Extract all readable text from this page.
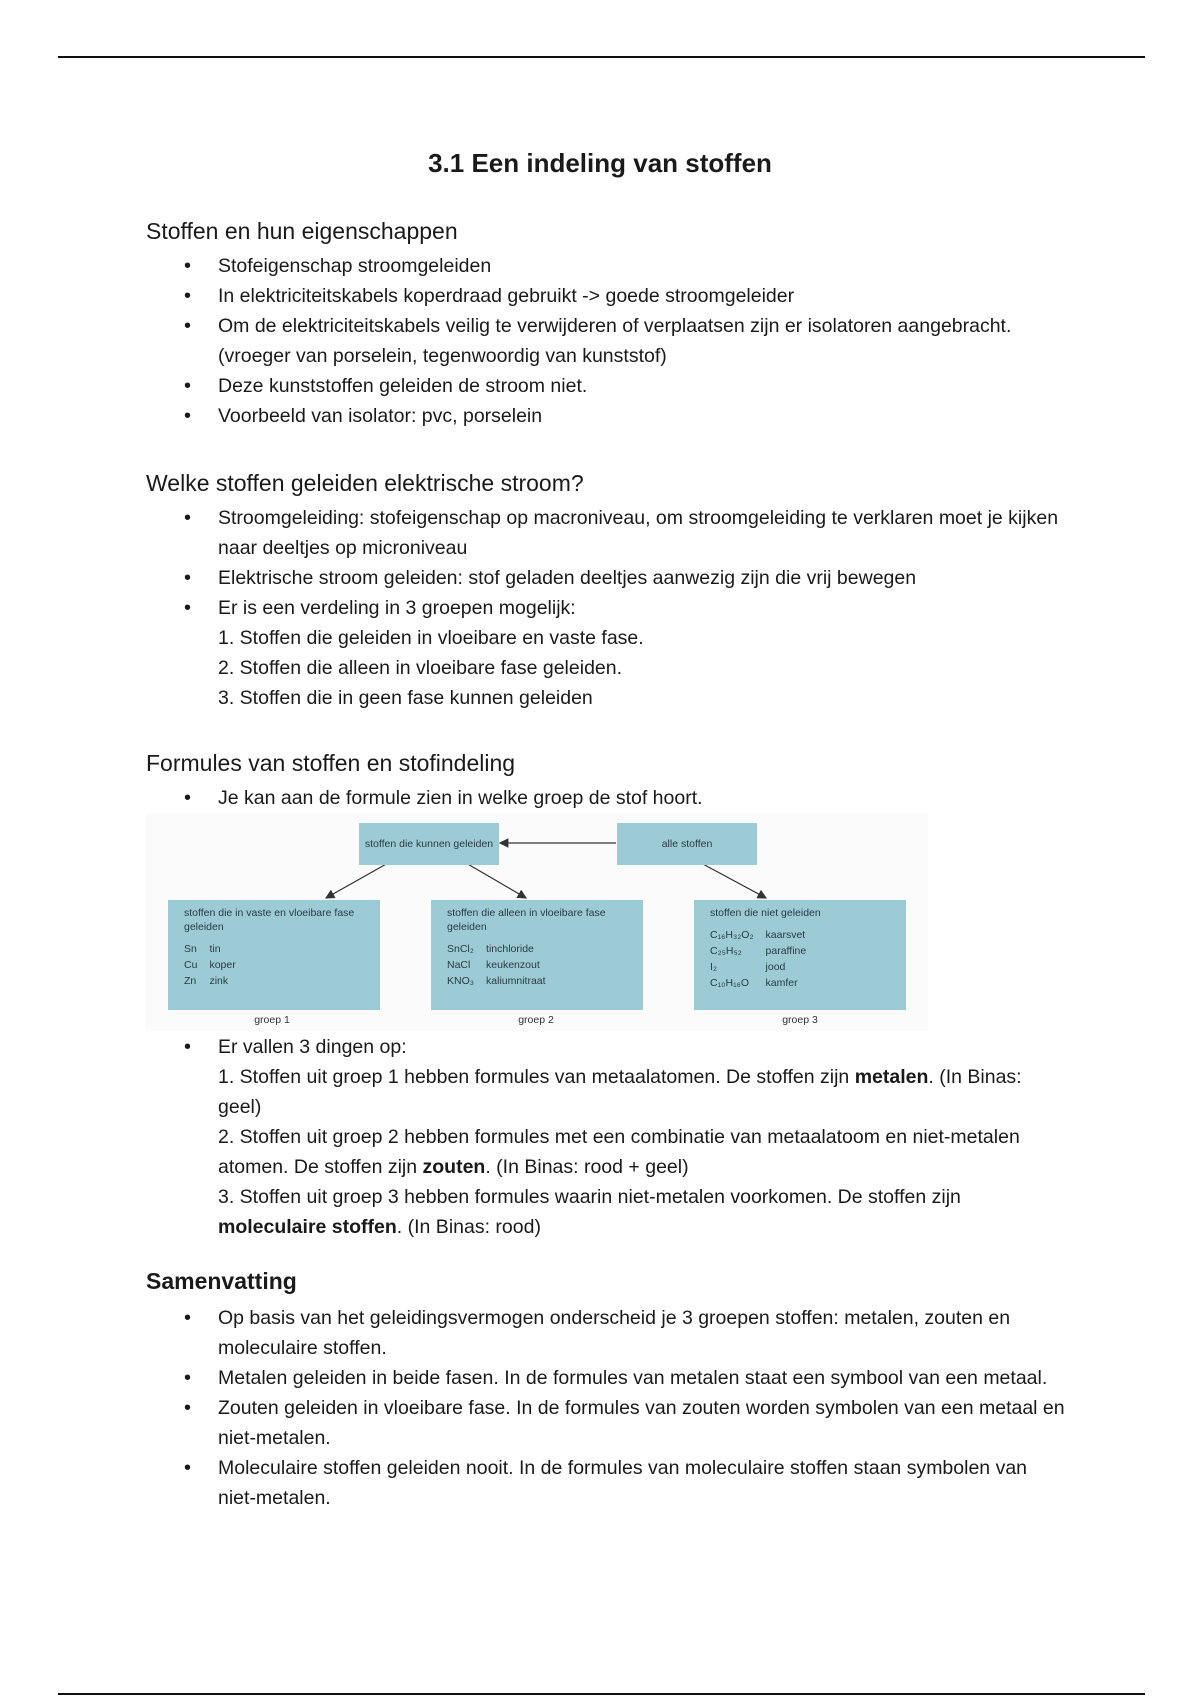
3.1 Een indeling van stoffen
Stoffen en hun eigenschappen
• Stofeigenschap stroomgeleiden
• In elektriciteitskabels koperdraad gebruikt -> goede stroomgeleider
• Om de elektriciteitskabels veilig te verwijderen of verplaatsen zijn er isolatoren aangebracht. (vroeger van porselein, tegenwoordig van kunststof)
• Deze kunststoffen geleiden de stroom niet.
• Voorbeeld van isolator: pvc, porselein
Welke stoffen geleiden elektrische stroom?
• Stroomgeleiding: stofeigenschap op macroniveau, om stroomgeleiding te verklaren moet je kijken naar deeltjes op microniveau
• Elektrische stroom geleiden: stof geladen deeltjes aanwezig zijn die vrij bewegen
• Er is een verdeling in 3 groepen mogelijk:
1. Stoffen die geleiden in vloeibare en vaste fase.
2. Stoffen die alleen in vloeibare fase geleiden.
3. Stoffen die in geen fase kunnen geleiden
Formules van stoffen en stofindeling
• Je kan aan de formule zien in welke groep de stof hoort.
stoffen die kunnen geleiden	alle stoffen
stoffen die in vaste en vloeibare fase geleiden
Sn	tin
Cu	koper
Zn	zink
stoffen die alleen in vloeibare fase geleiden
SnCl₂	tinchloride
NaCl	keukenzout
KNO₃	kaliumnitraat
stoffen die niet geleiden
C₁₆H₃₂O₂	kaarsvet
C₂₅H₅₂	paraffine
I₂	jood
C₁₀H₁₆O	kamfer
groep 1	groep 2	groep 3
• Er vallen 3 dingen op:
1. Stoffen uit groep 1 hebben formules van metaalatomen. De stoffen zijn metalen. (In Binas: geel)
2. Stoffen uit groep 2 hebben formules met een combinatie van metaalatoom en niet-metalen atomen. De stoffen zijn zouten. (In Binas: rood + geel)
3. Stoffen uit groep 3 hebben formules waarin niet-metalen voorkomen. De stoffen zijn moleculaire stoffen. (In Binas: rood)
Samenvatting
• Op basis van het geleidingsvermogen onderscheid je 3 groepen stoffen: metalen, zouten en moleculaire stoffen.
• Metalen geleiden in beide fasen. In de formules van metalen staat een symbool van een metaal.
• Zouten geleiden in vloeibare fase. In de formules van zouten worden symbolen van een metaal en niet-metalen.
• Moleculaire stoffen geleiden nooit. In de formules van moleculaire stoffen staan symbolen van niet-metalen.
